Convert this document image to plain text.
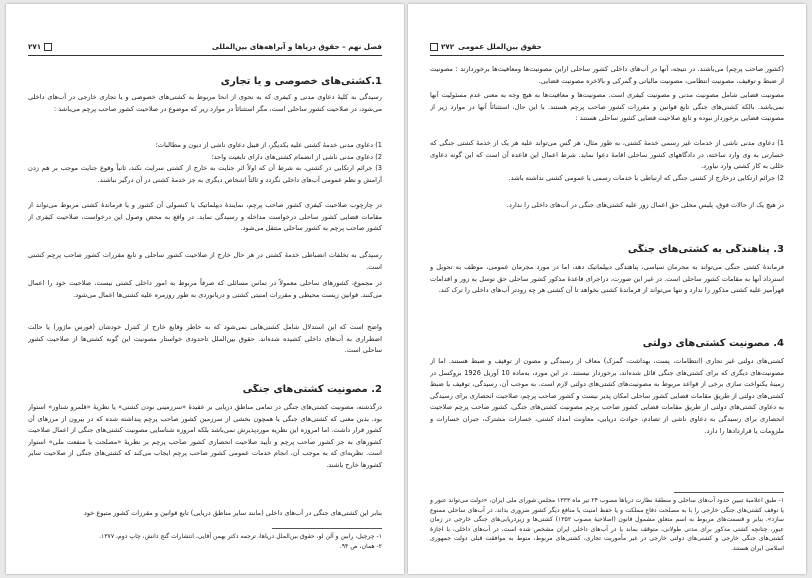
فصل نهم – حقوق دریاها و آبراهه‌های بین‌المللی
۲۷۱
1.کشتی‌های خصوصی و یا تجاری
رسیدگی به کلیهٔ دعاوی مدنی و کیفری که به نحوی از انحا مربوط به کشتی‌های خصوصی و یا تجاری خارجی در آب‌های داخلی می‌شود، در صلاحیت کشور ساحلی است، مگر استثنائاً در موارد زیر که موضوع در صلاحیت کشور صاحب پرچم می‌باشد :
1) دعاوی مدنی خدمهٔ کشتی علیه یکدیگر، از قبیل دعاوی ناشی از دیون و مطالبات؛
2) دعاوی مدنی ناشی از انضمام کشتی‌های دارای تابعیت واحد؛
3) جرائم ارتکابی در کشتی، به شرط آن که اولاً اثر جنایت به خارج از کشتی سرایت نکند، ثانیاً وقوع جنایت موجب بر هم زدن آرامش و نظم عمومی آب‌های داخلی نگردد و ثالثاً اشخاص دیگری به جز خدمهٔ کشتی در آن درگیر نباشند.
در چارچوب صلاحیت کیفری کشور صاحب پرچم، نمایندهٔ دیپلماتیک یا کنسولی آن کشور و یا فرماندهٔ کشتی مربوط می‌تواند از مقامات قضایی کشور ساحلی درخواست مداخله و رسیدگی نماید. در واقع به محض وصول این درخواست، صلاحیت کیفری از کشور صاحب پرچم به کشور ساحلی منتقل می‌شود.
رسیدگی به تخلفات انضباطی خدمهٔ کشتی در هر حال خارج از صلاحیت کشور ساحلی و تابع مقررات کشور صاحب پرچم کشتی است.
در مجموع، کشورهای ساحلی معمولاً در تماس مسائلی که صرفاً مربوط به امور داخلی کشتی نیست، صلاحیت خود را اعمال می‌کنند. قوانین زیست محیطی و مقررات امنیتی کشتی و دریانوردی به طور روزمره علیه کشتی‌ها اعمال می‌شود.
واضح است که این استدلال شامل کشتی‌هایی نمی‌شود که به خاطر وقایع خارج از کنترل خودشان (فورس ماژور) یا حالت اضطراری به آب‌های داخلی کشیده شده‌اند. حقوق بین‌الملل تاحدودی خواستار مصونیت این گونه کشتی‌ها از صلاحیت کشور ساحلی است.
2. مصونیت کشتی‌های جنگی
درگذشته، مصونیت کشتی‌های جنگی در تمامی مناطق دریایی بر عقیدهٔ «سرزمینی بودن کشتی» یا نظریهٔ «قلمرو شناور» استوار بود. بدین معنی که کشتی‌های جنگی یا همچون بخشی از سرزمین کشور صاحب پرچم پنداشته شده که در بیرون از مرزهای آن کشور قرار داشت. اما امروزه این نظریه موردپذیرش نمی‌باشد بلکه امروزه شناسایی مصونیت کشتی‌های جنگی از اعمال صلاحیت کشورهای به جز کشور صاحب پرچم و تأیید صلاحیت انحصاری کشور صاحب پرچم بر نظریهٔ «مصلحت یا منفعت ملی» استوار است. نظریه‌ای که به موجب آن، انجام خدمات عمومی کشور صاحب پرچم ایجاب می‌کند که کشتی‌های جنگی از صلاحیت سایر کشورها خارج باشند.
بنابر این کشتی‌های جنگی در آب‌های داخلی (مانند سایر مناطق دریایی) تابع قوانین و مقررات کشور متبوع خود
۱- چرچیل، رابین و آلن لو، حقوق بین‌الملل دریاها، ترجمه دکتر بهمن آقایی، انتشارات گنج دانش، چاپ دوم، ۱۳۷۷.
۲- همان، ص ۹۴.
۲۷۲ حقوق بین‌الملل عمومی
(کشور صاحب پرچم) می‌باشند. در نتیجه، آنها در آب‌های داخلی کشور ساحلی ازاین مصونیت‌ها ومعافیت‌ها برخوردارند : مصونیت از ضبط و توقیف، مصونیت انتظامی، مصونیت مالیاتی و گمرکی و بالاخره مصونیت قضایی.
مصونیت قضایی شامل مصونیت مدنی و مصونیت کیفری است. مصونیت‌ها و معافیت‌ها به هیچ وجه به معنی عدم مسئولیت آنها نمی‌باشد. بالکه کشتی‌های جنگی تابع قوانین و مقررات کشور صاحب پرچم هستند. با این حال، استثنائاً آنها در موارد زیر از مصونیت قضایی برخوردار نبوده و تابع صلاحیت قضایی کشور ساحلی هستند :
1) دعاوی مدنی ناشی از خدمات غیر رسمی خدمهٔ کشتی، به طور مثال، هر گس می‌تواند علیه هر یک از خدمهٔ کشتی جنگی که خسارتی به وی وارد ساخته، در دادگاههای کشور ساحلی اقامهٔ دعوا نماید. شرط اعمال این قاعده آن است که این گونه دعاوی خللی به کار کشتی وارد نیاورد.
2) جرائم ارتکابی درخارج از کشتی جنگی که ارتباطی با خدمات رسمی یا عمومی کشتی نداشته باشد.
در هیچ یک از حالات فوق، پلیس محلی حق اعمال زور علیه کشتی‌های جنگی در آب‌های داخلی را ندارد.
3. پناهندگی به کشتی‌های جنگی
فرماندهٔ کشتی جنگی می‌تواند به مجرمان سیاسی، پناهندگی دیپلماتیک دهد، اما در مورد مجرمان عمومی، موظف به تحویل و استرداد آنها به مقامات کشور ساحلی است. در غیر این صورت، دراجرای قاعدهٔ مذکور کشور ساحلی حق توسل به زور و اقدامات قهرآمیز علیه کشتی مذکور را ندارد و تنها می‌تواند از فرماندهٔ کشتی بخواهد تا آن کشتی هر چه زودتر آب‌های داخلی را ترک کند.
4. مصونیت کشتی‌های دولتی
کشتی‌های دولتی غیر تجاری (انتظامات، پست، بهداشت، گمرک) معاف از رسیدگی و مصون از توقیف و ضبط هستند. اما از مصونیت‌های دیگری که برای کشتی‌های جنگی قائل شده‌اند، برخوردار نیستند. در این مورد، به‌ماده 10 آوریل 1926 بروکسل در زمینهٔ یکنواخت سازی برخی از قواعد مربوط به مصونیت‌های کشتی‌های دولتی لازم است. به موجب آن، رسیدگی، توقیف یا ضبط کشتی‌های دولتی از طریق مقامات قضایی کشور ساحلی امکان پذیر نیست و کشور صاحب پرچم، صلاحیت انحصاری برای رسیدگی به دعاوی کشتی‌های دولتی از طریق مقامات قضایی کشور صاحب پرچم مصونیت کشتی‌های جنگی، کشور صاحب پرچم صلاحیت انحصاری برای رسیدگی به دعاوی ناشی از تصادم، حوادث دریایی، معاونت امداد کشتی، خسارات مشترک، جبران خسارات و ملزومات یا قراردادها را دارد.
۱- طبق اعلامیهٔ تبیین حدود آب‌های ساحلی و منطقهٔ نظارت دریاها مصوب ۲۴ تیر ماه ۱۳۳۳ مجلس شورای ملی ایران، «دولت می‌تواند عبور و یا توقف کشتی‌های جنگی خارجی را با به مصلحت دفاع مملکت و یا حفظ امنیت یا منافع دیگر کشور ضروری بداند، در آب‌های ساحلی ممنوع سازد». بنابر و قسمت‌های مربوط به اسم متعلق مشمول قانون (اصلاحیهٔ مصوب ۱۳۵۲) کشتی‌ها و زیردریایی‌های جنگی خارجی در زمان عبور، چنانچه کشتی مذکور برای مدتی طولانی، متوقف بماند یا در آب‌های داخلی ایران مشخص شده است، در آب‌های داخلی، با اجازهٔ کشتی‌های جنگی خارجی و کشتی‌های دولتی خارجی در غیر مأموریت تجاری، کشتی‌های مربوط، منوط به موافقت قبلی دولت جمهوری اسلامی ایران هستند.
